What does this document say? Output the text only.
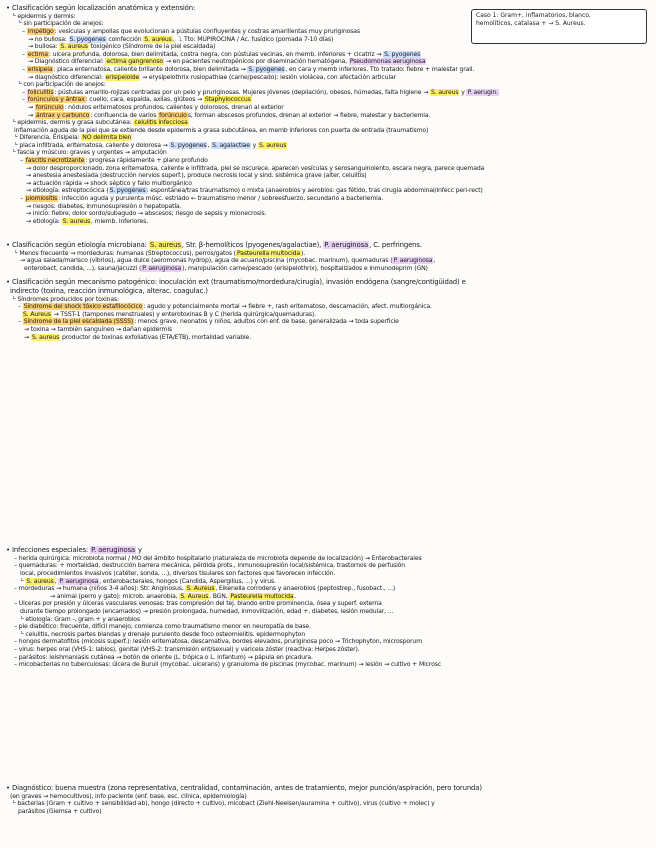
Caso 1: Gram+, inflamatorios, blanco,
hemolíticos, catalasa + → S. Aureus.
• Clasificación según localización anatómica y extensión:
└ epidermis y dermis:
└ sin participación de anejos:
– impétigo: vesículas y ampollas que evolucionan a pústulas confluyentes y costras amarillentas muy pruriginosas
→ no bullosa: S. pyogenes coinfección S. aureus. ⤵ Tto: MUPIROCINA / Ac. fusídico (pomada 7-10 días)
→ bullosa: S. aureus toxigénico (Síndrome de la piel escaldada)
– ectima: ulcera profunda, dolorosa, bien delimitada, costra negra, con pústulas vecinas, en memb. inferiores + cicatriz → S. pyogenes
→ Diagnóstico diferencial: ectima gangrenoso → en pacientes neutropénicos por diseminación hematógena, Pseudomonas aeruginosa
– erisipela: placa enternatosa, caliente brillante dolorosa, bien delimitada → S. pyogenes, en cara y memb inferiores. Tto tratado: fiebre + malestar grall.
→ diagnóstico diferencial: erisipeloide → erysipelothrix rusiopathiae (carne/pescado): lesión violácea, con afectación articular
└ con participación de anejos:
– foliculitis: pústulas amarillo-rojizas centradas por un pelo y pruriginosas. Mujeres jóvenes (depilación), obesos, húmedas, falta higiene → S. aureus y P. aerugin.
– forúnculos y ántrax: cuello, cara, espalda, axilas, glúteos → Staphylococcus
→ forúnculo: nódulos eritematosos profundos, calientes y dolorosos, drenan al exterior
→ ántrax y carbunco: confluencia de varios forúnculos, forman abscesos profundos, drenan al exterior → fiebre, malestar y bacteriemia.
└ epidermis, dermis y grasa subcutánea: celulitis infecciosa
inflamación aguda de la piel que se extiende desde epidermis a grasa subcutánea, en memb inferiores con puerta de entrada (traumatismo)
└ Diferencia, Erisipela: NO delimita bien
└ placa infiltrada, eritematosa, caliente y dolorosa → S. pyogenes, S. agalactiae y S. aureus
└ fascia y músculo: graves y urgentes → amputación
– fascitis necrotizante: progresa rápidamente + plano profundo
→ dolor desproporcionado, zona eritematosa, caliente e infiltrada, piel se oscurece, aparecen vesículas y serosanguinolento, escara negra, parece quemada
→ anestesia anestesiada (destrucción nervios superf.), produce necrosis local y sind. sistémica grave (alter. celulitis)
→ actuación rápida → shock séptico y fallo multiorgánico
→ etiología: estreptocócica (S. pyogenes: espontánea/tras traumatismo) o mixta (anaerobios y aerobios: gas fétido, tras cirugía abdominal/infecc peri-rect)
– piomiositis: infección aguda y purulenta músc. estriado ← traumatismo menor / sobreesfuerzo, secundario a bacteriemia.
→ riesgos: diabetes, inmunosupresión o hepatopatía.
→ inicio: fiebre, dolor sordo/subagudo → abscesos; riesgo de sepsis y mionecrosis.
→ etiología: S. aureus, miemb. inferiores.
• Clasificación según etiología microbiana: S. aureus, Str. β-hemolíticos (pyogenes/agalactiae), P. aeruginosa, C. perfringens.
└ Menos frecuente → mordeduras: humanas (Streptococcus), perros/gatos (Pasteurella multocida).
→ agua salada/marisco (vibrios), agua dulce (aeromonas hydrop), agua de acuario/piscina (mycobac. marinum), quemaduras (P. aeruginosa,
enterobact, candida, ...), sauna/jacuzzi (P. aeruginosa), manipulación carne/pescado (erisipelothrix), hospitalizados e inmunodeprim (GN)
• Clasificación según mecanismo patogénico: inoculación ext (traumatismo/mordedura/cirugía), invasión endógena (sangre/contigüidad) e
indirecto (toxina, reacción inmunológica, alterac. coagulac.)
└ Síndromes producidos por toxinas:
– Síndrome del shock tóxico estafilocócico: agudo y potencialmente mortal → fiebre +, rash eritematoso, descamación, afect. multiorgánica.
S. Aureus → TSST-1 (tampones menstruales) y enterotoxinas B y C (herida quirúrgica/quemaduras).
– Síndrome de la piel escaldada (SSSS): menos grave, neonatos y niños, adultos con enf. de base, generalizada → toda superficie
→ toxina → también sanguíneo → dañan epidermis
→ S. aureus productor de toxinas exfoliativas (ETA/ETB), mortalidad variable.
• Infecciones especiales: P. aeruginosa y
– herida quirúrgica: microbiota normal / MO del ámbito hospitalario (naturaleza de microbiota depende de localización) → Enterobacterales
– quemaduras: + mortalidad, destrucción barrera mecánica, pérdida prots., inmunosupresión local/sistémica, trastornos de perfusión
local, procedimientos invasivos (catéter, sonda, ...), diversos tisulares son factores que favorecen infección.
└ S. aureus, P. aeruginosa, enterobacterales, hongos (Candida, Aspergillus, ...) y virus.
– mordeduras → humana (niños 3-4 años): Str. Anginosus, S. Aureus, Eikenella corrodens y anaerobios (peptostrep., fusobact., ...)
→ animal (perro y gato): microb. anaerobia, S. Aureus, BGN, Pasteurella multocida.
– Úlceras por presión y úlceras vasculares venosas: tras compresión del tej. blando entre prominencia, ósea y superf. externa
durante tiempo prolongado (encamados) → presión prolongada, humedad, inmovilización, edad +, diabetes, lesión medular, ...
└ etiología: Gram -, gram + y anaerobios
– pie diabético: frecuente, difícil manejo, comienza como traumatismo menor en neuropatía de base.
└ celulitis, necrosis partes blandas y drenaje purulento desde foco osteomielitis. epidermophyton
– hongos dermatofitos (micosis superf.): lesión eritematosa, descamativa, bordes elevados, pruriginosa poco → Trichophyton, microsporum
– virus: herpes oral (VHS-1: labios), genital (VHS-2: transmisión ent/sexual) y varicela zóster (reactiva: Herpes zóster).
– parásitos: leishmaniasis cutánea → botón de oriente (L. trópica o L. infantum) → pápula en picadura.
– micobacterias no tuberculosas: úlcera de Buruli (mycobac. ulcerans) y granuloma de piscinas (mycobac. marinum) → lesión → cultivo + Microsc
• Diagnóstico: buena muestra (zona representativa, centralidad, contaminación, antes de tratamiento, mejor punción/aspiración, pero torunda)
(en graves → hemocultivos), info paciente (enf. base, esc. clínica, epidemiología)
└ bacterias (Gram + cultivo + sensibilidad ab), hongo (directo + cultivo), micobact (Ziehl-Neelsen/auramina + cultivo), virus (cultivo + molec) y
parásitos (Giemsa + cultivo)
